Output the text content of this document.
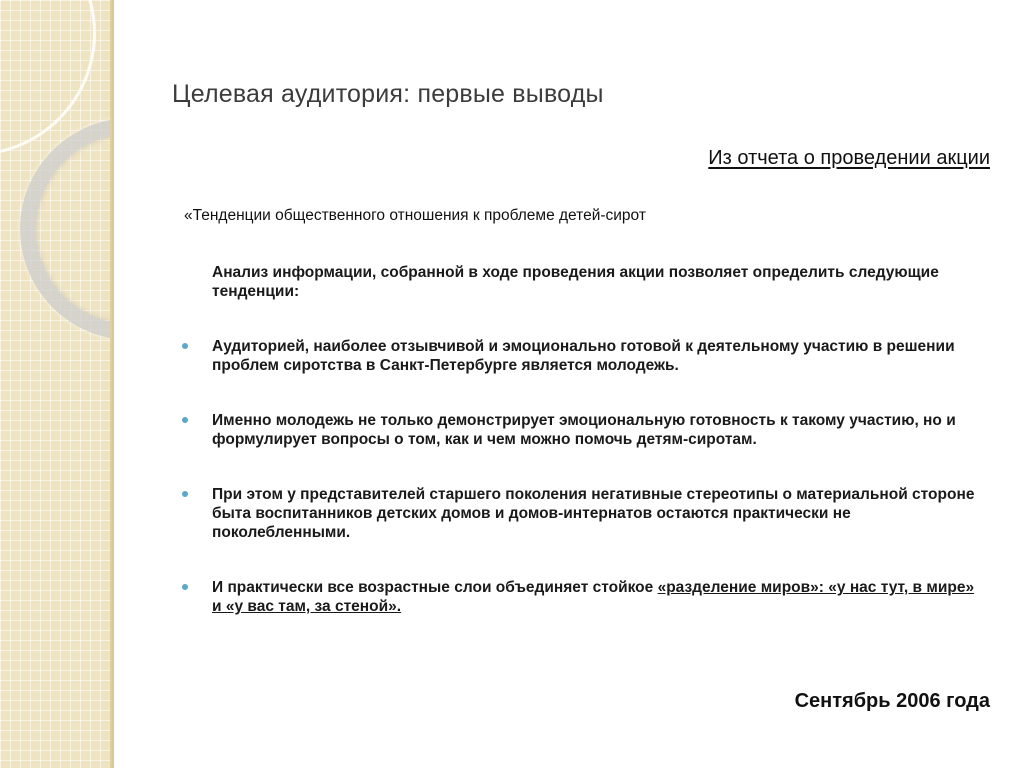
Целевая аудитория: первые выводы

Из отчета о проведении акции

«Тенденции общественного отношения к проблеме детей-сирот

Анализ информации, собранной в ходе проведения акции позволяет определить следующие тенденции:

Аудиторией, наиболее отзывчивой и эмоционально готовой к деятельному участию в решении проблем сиротства в Санкт-Петербурге является молодежь.
Именно молодежь не только демонстрирует эмоциональную готовность к такому участию, но и формулирует вопросы о том, как и чем можно помочь детям-сиротам.
При этом у представителей старшего поколения негативные стереотипы о материальной стороне быта воспитанников детских домов и домов-интернатов остаются практически не поколебленными.
И практически все возрастные слои объединяет стойкое «разделение миров»: «у нас тут, в мире» и «у вас там, за стеной».

Сентябрь 2006 года
